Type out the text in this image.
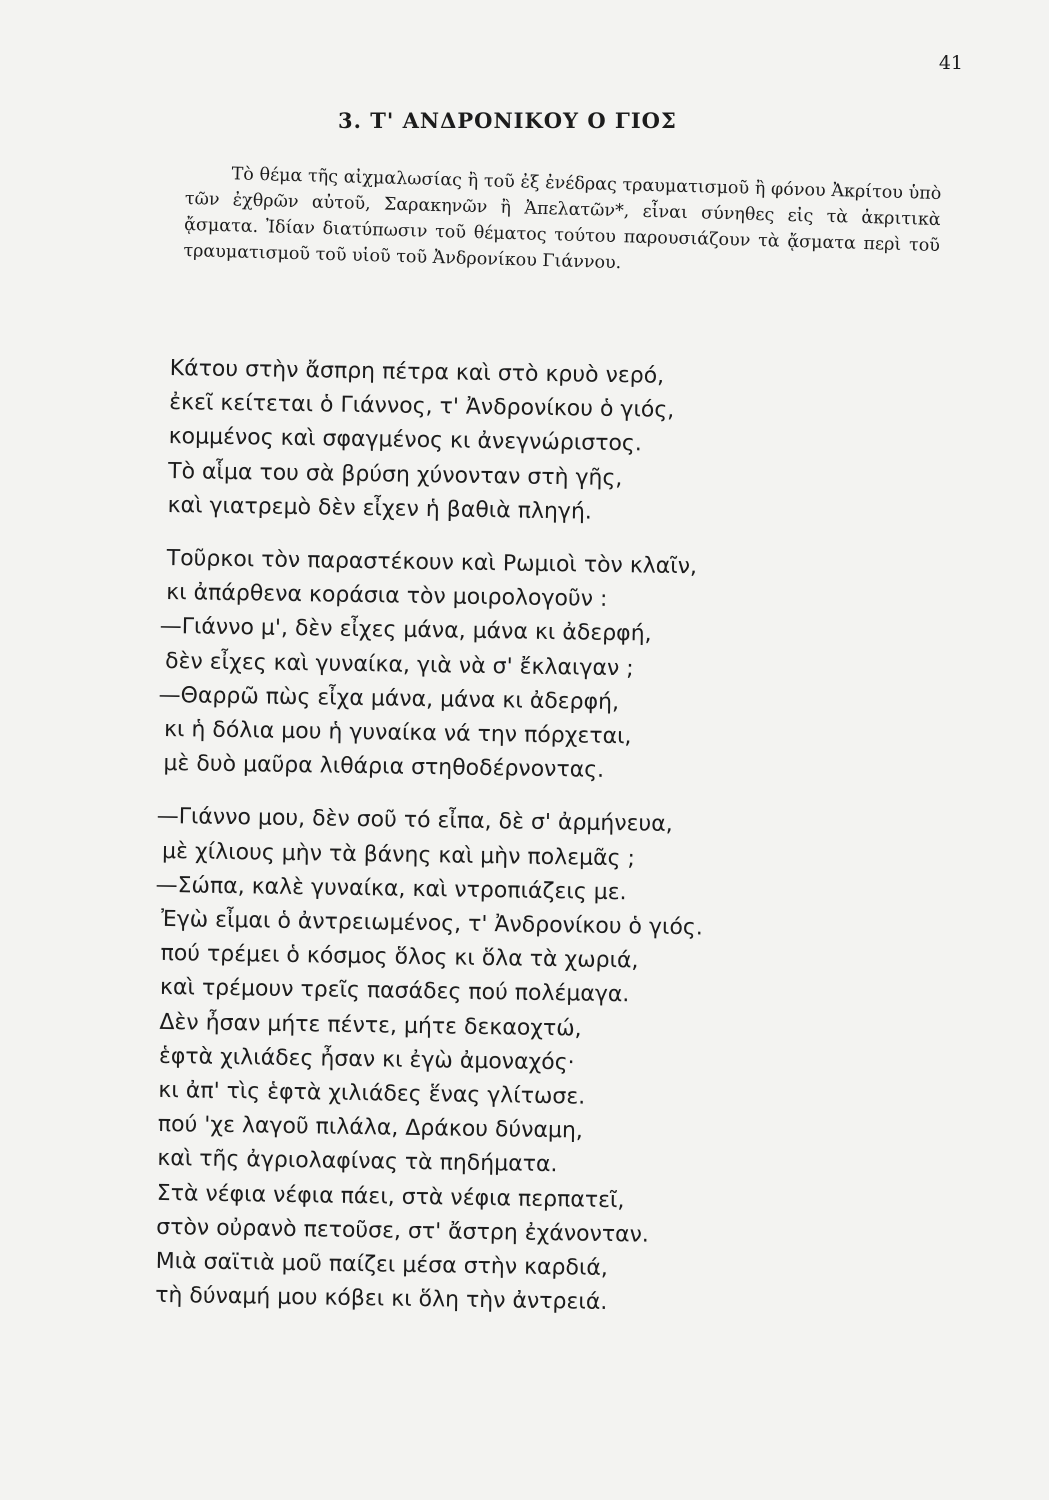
41
3. Τ' ΑΝΔΡΟΝΙΚΟΥ Ο ΓΙΟΣ

Τὸ θέμα τῆς αἰχμαλωσίας ἢ τοῦ ἐξ ἐνέδρας τραυματισμοῦ ἢ φόνου Ἀκρίτου ὑπὸ τῶν ἐχθρῶν αὐτοῦ, Σαρακηνῶν ἢ Ἀπελατῶν*, εἶναι σύνηθες εἰς τὰ ἀκριτικὰ ᾄσματα. Ἰδίαν διατύπωσιν τοῦ θέματος τούτου παρουσιάζουν τὰ ᾄσματα περὶ τοῦ τραυματισμοῦ τοῦ υἱοῦ τοῦ Ἀνδρονίκου Γιάννου.

Κάτου στὴν ἄσπρη πέτρα καὶ στὸ κρυὸ νερό,
ἐκεῖ κείτεται ὁ Γιάννος, τ' Ἀνδρονίκου ὁ γιός,
κομμένος καὶ σφαγμένος κι ἀνεγνώριστος.
Τὸ αἷμα του σὰ βρύση χύνονταν στὴ γῆς,
καὶ γιατρεμὸ δὲν εἶχεν ἡ βαθιὰ πληγή.
Τοῦρκοι τὸν παραστέκουν καὶ Ρωμιοὶ τὸν κλαῖν,
κι ἀπάρθενα κοράσια τὸν μοιρολογοῦν :
—Γιάννο μ', δὲν εἶχες μάνα, μάνα κι ἀδερφή,
δὲν εἶχες καὶ γυναίκα, γιὰ νὰ σ' ἔκλαιγαν ;
—Θαρρῶ πὼς εἶχα μάνα, μάνα κι ἀδερφή,
κι ἡ δόλια μου ἡ γυναίκα νά την πόρχεται,
μὲ δυὸ μαῦρα λιθάρια στηθοδέρνοντας.
—Γιάννο μου, δὲν σοῦ τό εἶπα, δὲ σ' ἀρμήνευα,
μὲ χίλιους μὴν τὰ βάνης καὶ μὴν πολεμᾶς ;
—Σώπα, καλὲ γυναίκα, καὶ ντροπιάζεις με.
Ἐγὼ εἶμαι ὁ ἀντρειωμένος, τ' Ἀνδρονίκου ὁ γιός.
πού τρέμει ὁ κόσμος ὅλος κι ὅλα τὰ χωριά,
καὶ τρέμουν τρεῖς πασάδες πού πολέμαγα.
Δὲν ἦσαν μήτε πέντε, μήτε δεκαοχτώ,
ἑφτὰ χιλιάδες ἦσαν κι ἐγὼ ἀμοναχός·
κι ἀπ' τὶς ἑφτὰ χιλιάδες ἕνας γλίτωσε.
πού 'χε λαγοῦ πιλάλα, Δράκου δύναμη,
καὶ τῆς ἀγριολαφίνας τὰ πηδήματα.
Στὰ νέφια νέφια πάει, στὰ νέφια περπατεῖ,
στὸν οὐρανὸ πετοῦσε, στ' ἄστρη ἐχάνονταν.
Μιὰ σαϊτιὰ μοῦ παίζει μέσα στὴν καρδιά,
τὴ δύναμή μου κόβει κι ὅλη τὴν ἀντρειά.
